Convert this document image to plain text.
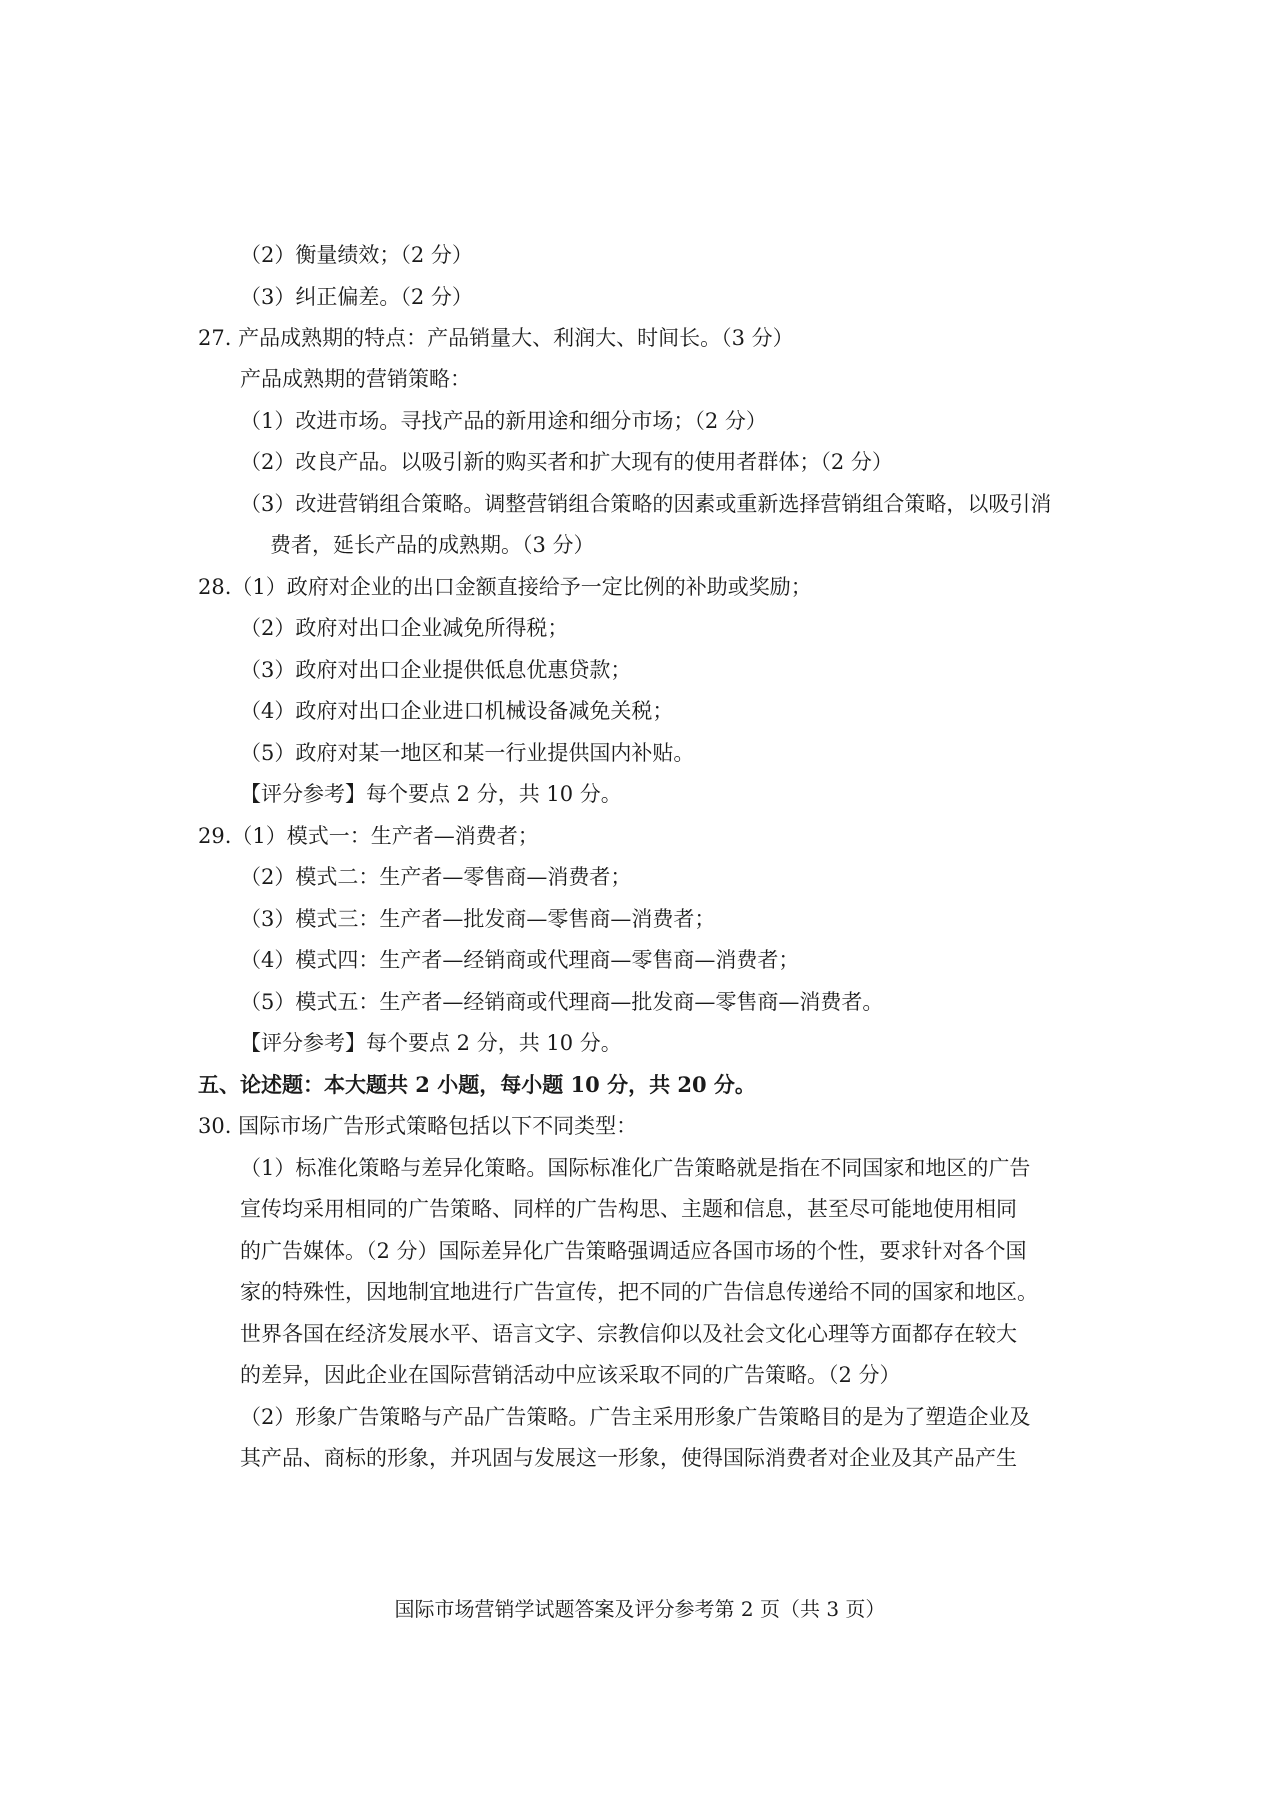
（2）衡量绩效；（2 分）
（3）纠正偏差。（2 分）
27. 产品成熟期的特点：产品销量大、利润大、时间长。（3 分）
产品成熟期的营销策略：
（1）改进市场。寻找产品的新用途和细分市场；（2 分）
（2）改良产品。以吸引新的购买者和扩大现有的使用者群体；（2 分）
（3）改进营销组合策略。调整营销组合策略的因素或重新选择营销组合策略，以吸引消
费者，延长产品的成熟期。（3 分）
28.（1）政府对企业的出口金额直接给予一定比例的补助或奖励；
（2）政府对出口企业减免所得税；
（3）政府对出口企业提供低息优惠贷款；
（4）政府对出口企业进口机械设备减免关税；
（5）政府对某一地区和某一行业提供国内补贴。
【评分参考】每个要点 2 分，共 10 分。
29.（1）模式一：生产者—消费者；
（2）模式二：生产者—零售商—消费者；
（3）模式三：生产者—批发商—零售商—消费者；
（4）模式四：生产者—经销商或代理商—零售商—消费者；
（5）模式五：生产者—经销商或代理商—批发商—零售商—消费者。
【评分参考】每个要点 2 分，共 10 分。
五、论述题：本大题共 2 小题，每小题 10 分，共 20 分。
30. 国际市场广告形式策略包括以下不同类型：
（1）标准化策略与差异化策略。国际标准化广告策略就是指在不同国家和地区的广告
宣传均采用相同的广告策略、同样的广告构思、主题和信息，甚至尽可能地使用相同
的广告媒体。（2 分）国际差异化广告策略强调适应各国市场的个性，要求针对各个国
家的特殊性，因地制宜地进行广告宣传，把不同的广告信息传递给不同的国家和地区。
世界各国在经济发展水平、语言文字、宗教信仰以及社会文化心理等方面都存在较大
的差异，因此企业在国际营销活动中应该采取不同的广告策略。（2 分）
（2）形象广告策略与产品广告策略。广告主采用形象广告策略目的是为了塑造企业及
其产品、商标的形象，并巩固与发展这一形象，使得国际消费者对企业及其产品产生
国际市场营销学试题答案及评分参考第 2 页（共 3 页）
